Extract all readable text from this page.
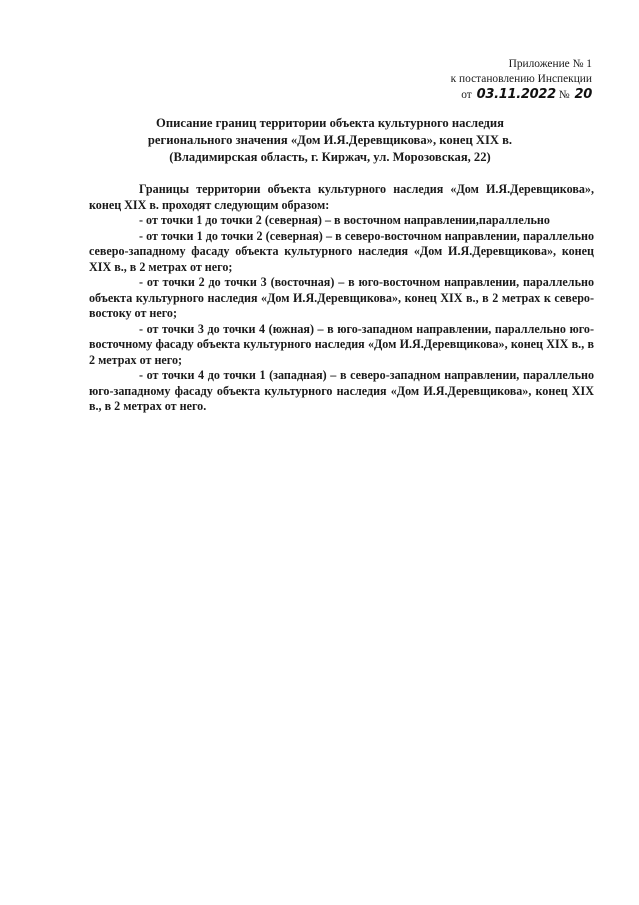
Приложение № 1
к постановлению Инспекции
от 03.11.2022 № 20
Описание границ территории объекта культурного наследия
регионального значения «Дом И.Я.Деревщикова», конец XIX в.
(Владимирская область, г. Киржач, ул. Морозовская, 22)

Границы территории объекта культурного наследия «Дом И.Я.Деревщикова», конец XIX в. проходят следующим образом:

- от точки 1 до точки 2 (северная) – в восточном направлении,параллельно

- от точки 1 до точки 2 (северная) – в северо-восточном направлении, параллельно северо-западному фасаду объекта культурного наследия «Дом И.Я.Деревщикова», конец XIX в., в 2 метрах от него;

- от точки 2 до точки 3 (восточная) – в юго-восточном направлении, параллельно объекта культурного наследия «Дом И.Я.Деревщикова», конец XIX в., в 2 метрах к северо-востоку от него;

- от точки 3 до точки 4 (южная) – в юго-западном направлении, параллельно юго-восточному фасаду объекта культурного наследия «Дом И.Я.Деревщикова», конец XIX в., в 2 метрах от него;

- от точки 4 до точки 1 (западная) – в северо-западном направлении, параллельно юго-западному фасаду объекта культурного наследия «Дом И.Я.Деревщикова», конец XIX в., в 2 метрах от него.
